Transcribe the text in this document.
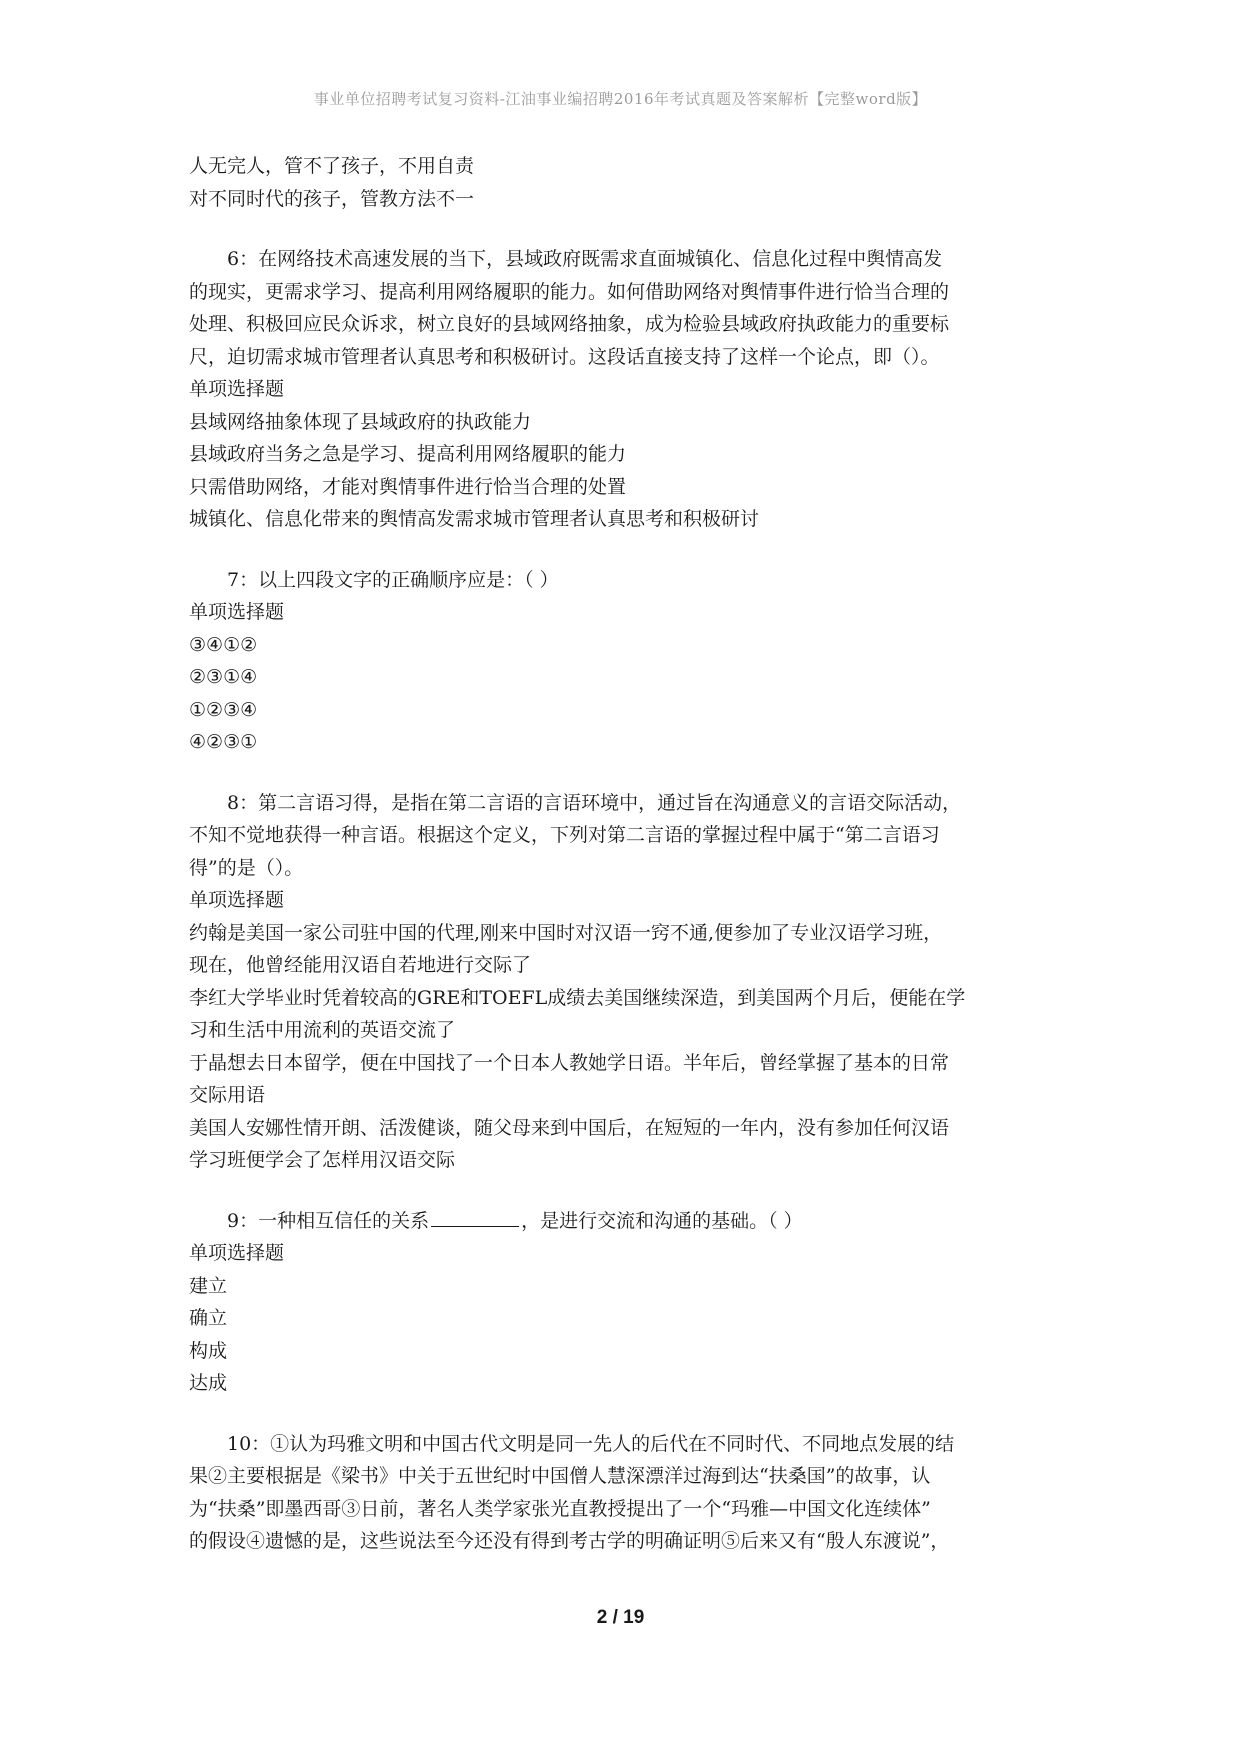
事业单位招聘考试复习资料-江油事业编招聘2016年考试真题及答案解析【完整word版】
人无完人，管不了孩子，不用自责
对不同时代的孩子，管教方法不一
6：在网络技术高速发展的当下，县域政府既需求直面城镇化、信息化过程中舆情高发
的现实，更需求学习、提高利用网络履职的能力。如何借助网络对舆情事件进行恰当合理的
处理、积极回应民众诉求，树立良好的县域网络抽象，成为检验县域政府执政能力的重要标
尺，迫切需求城市管理者认真思考和积极研讨。这段话直接支持了这样一个论点，即（）。
单项选择题
县域网络抽象体现了县域政府的执政能力
县域政府当务之急是学习、提高利用网络履职的能力
只需借助网络，才能对舆情事件进行恰当合理的处置
城镇化、信息化带来的舆情高发需求城市管理者认真思考和积极研讨
7：以上四段文字的正确顺序应是：（ ）
单项选择题
③④①②
②③①④
①②③④
④②③①
8：第二言语习得，是指在第二言语的言语环境中，通过旨在沟通意义的言语交际活动，
不知不觉地获得一种言语。根据这个定义，下列对第二言语的掌握过程中属于“第二言语习
得”的是（）。
单项选择题
约翰是美国一家公司驻中国的代理,刚来中国时对汉语一窍不通,便参加了专业汉语学习班，
现在，他曾经能用汉语自若地进行交际了
李红大学毕业时凭着较高的GRE和TOEFL成绩去美国继续深造，到美国两个月后，便能在学
习和生活中用流利的英语交流了
于晶想去日本留学，便在中国找了一个日本人教她学日语。半年后，曾经掌握了基本的日常
交际用语
美国人安娜性情开朗、活泼健谈，随父母来到中国后，在短短的一年内，没有参加任何汉语
学习班便学会了怎样用汉语交际
9：一种相互信任的关系	，是进行交流和沟通的基础。（ ）
单项选择题
建立
确立
构成
达成
10：①认为玛雅文明和中国古代文明是同一先人的后代在不同时代、不同地点发展的结
果②主要根据是《梁书》中关于五世纪时中国僧人慧深漂洋过海到达“扶桑国”的故事，认
为“扶桑”即墨西哥③日前，著名人类学家张光直教授提出了一个“玛雅—中国文化连续体”
的假设④遗憾的是，这些说法至今还没有得到考古学的明确证明⑤后来又有“殷人东渡说”，
2 / 19
